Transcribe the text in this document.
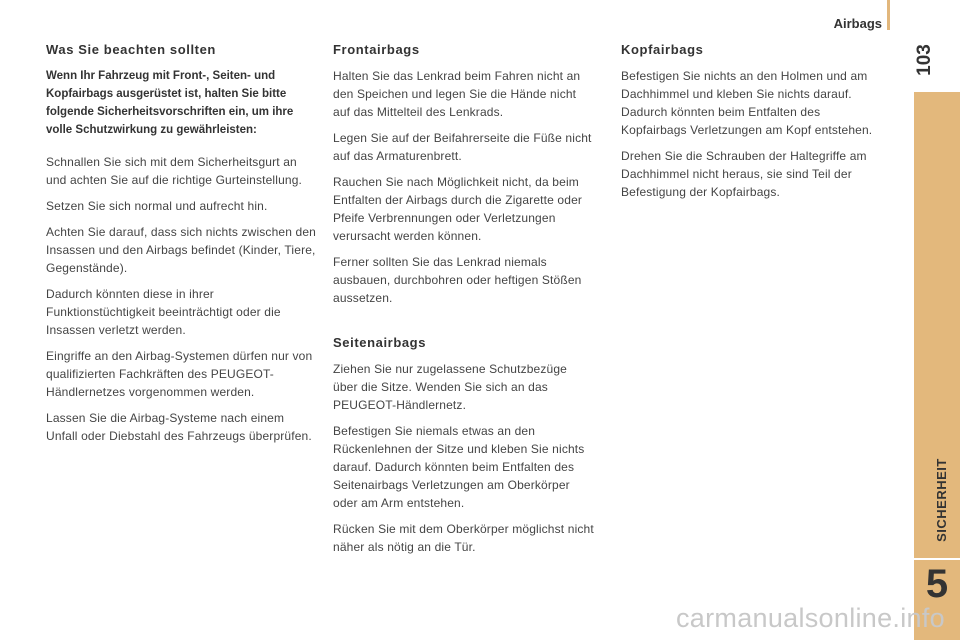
Airbags
103
SICHERHEIT
5
Was Sie beachten sollten
Wenn Ihr Fahrzeug mit Front-, Seiten- und Kopfairbags ausgerüstet ist, halten Sie bitte folgende Sicherheitsvorschriften ein, um ihre volle Schutzwirkung zu gewährleisten:

Schnallen Sie sich mit dem Sicherheitsgurt an und achten Sie auf die richtige Gurteinstellung.

Setzen Sie sich normal und aufrecht hin.

Achten Sie darauf, dass sich nichts zwischen den Insassen und den Airbags befindet (Kinder, Tiere, Gegenstände).

Dadurch könnten diese in ihrer Funktionstüchtigkeit beeinträchtigt oder die Insassen verletzt werden.

Eingriffe an den Airbag-Systemen dürfen nur von qualifizierten Fachkräften des PEUGEOT-Händlernetzes vorgenommen werden.

Lassen Sie die Airbag-Systeme nach einem Unfall oder Diebstahl des Fahrzeugs überprüfen.

Frontairbags

Halten Sie das Lenkrad beim Fahren nicht an den Speichen und legen Sie die Hände nicht auf das Mittelteil des Lenkrads.

Legen Sie auf der Beifahrerseite die Füße nicht auf das Armaturenbrett.

Rauchen Sie nach Möglichkeit nicht, da beim Entfalten der Airbags durch die Zigarette oder Pfeife Verbrennungen oder Verletzungen verursacht werden können.

Ferner sollten Sie das Lenkrad niemals ausbauen, durchbohren oder heftigen Stößen aussetzen.

Seitenairbags

Ziehen Sie nur zugelassene Schutzbezüge über die Sitze. Wenden Sie sich an das PEUGEOT-Händlernetz.

Befestigen Sie niemals etwas an den Rückenlehnen der Sitze und kleben Sie nichts darauf. Dadurch könnten beim Entfalten des Seitenairbags Verletzungen am Oberkörper oder am Arm entstehen.

Rücken Sie mit dem Oberkörper möglichst nicht näher als nötig an die Tür.

Kopfairbags

Befestigen Sie nichts an den Holmen und am Dachhimmel und kleben Sie nichts darauf. Dadurch könnten beim Entfalten des Kopfairbags Verletzungen am Kopf entstehen.

Drehen Sie die Schrauben der Haltegriffe am Dachhimmel nicht heraus, sie sind Teil der Befestigung der Kopfairbags.

carmanualsonline.info
